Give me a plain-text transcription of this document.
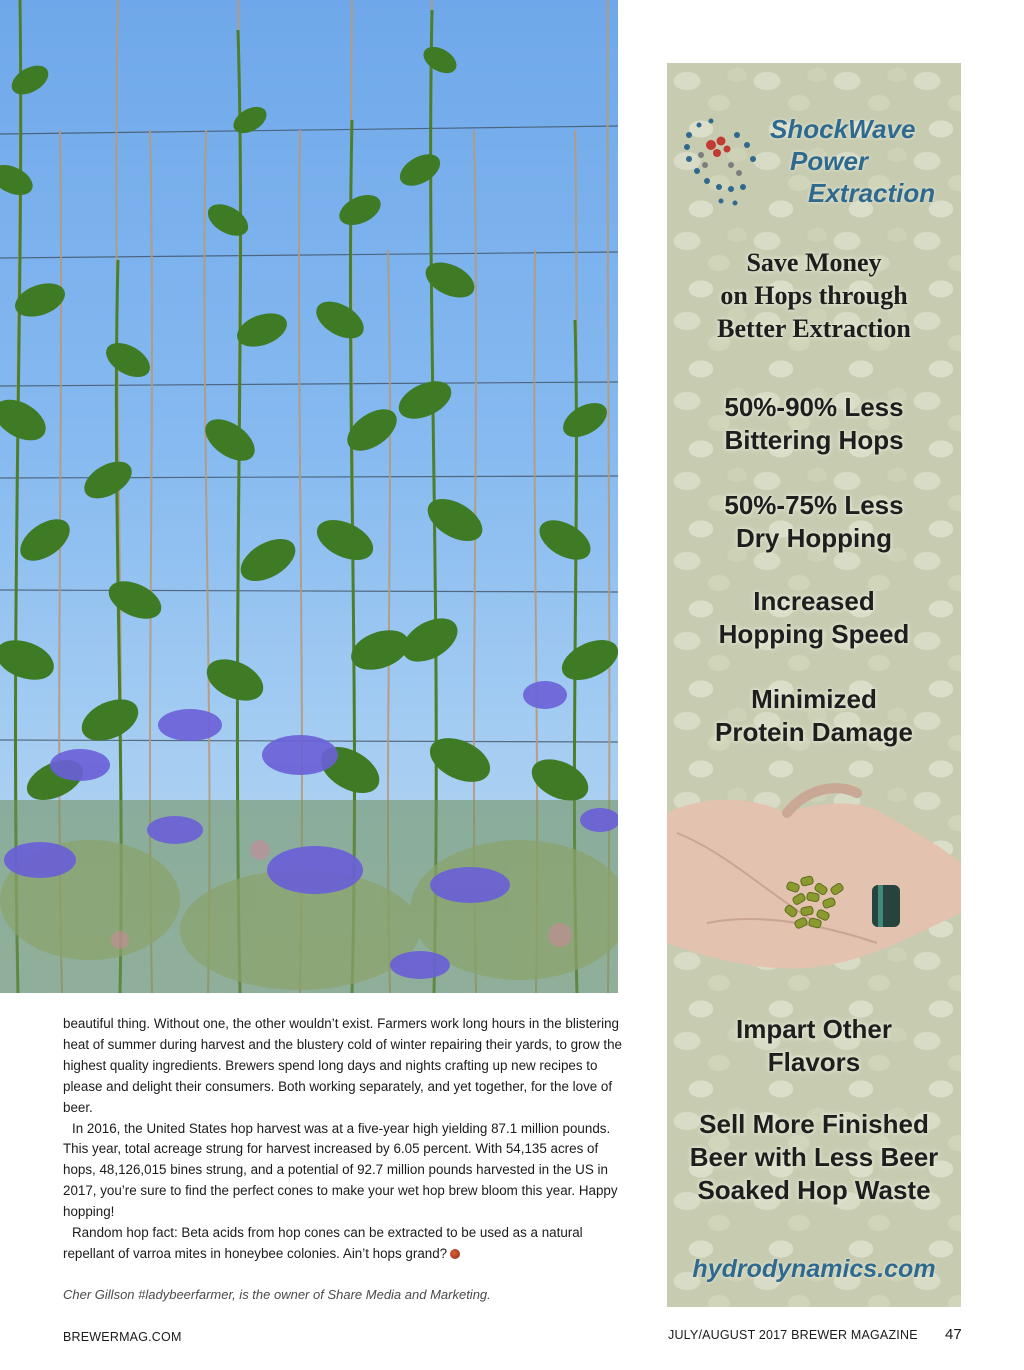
beautiful thing. Without one, the other wouldn’t exist. Farmers work long hours in the blistering heat of summer during harvest and the blustery cold of winter repairing their yards, to grow the highest quality ingredients. Brewers spend long days and nights crafting up new recipes to please and delight their consumers. Both working separately, and yet together, for the love of beer.

In 2016, the United States hop harvest was at a five-year high yielding 87.1 million pounds. This year, total acreage strung for harvest increased by 6.05 percent. With 54,135 acres of hops, 48,126,015 bines strung, and a potential of 92.7 million pounds harvested in the US in 2017, you’re sure to find the perfect cones to make your wet hop brew bloom this year. Happy hopping!

Random hop fact: Beta acids from hop cones can be extracted to be used as a natural repellant of varroa mites in honeybee colonies. Ain’t hops grand?

Cher Gillson #ladybeerfarmer, is the owner of Share Media and Marketing.
BREWERMAG.COM	JULY/AUGUST 2017 BREWER MAGAZINE 47
ShockWave
Power
Extraction
Save Money
on Hops through
Better Extraction
50%-90% Less
Bittering Hops
50%-75% Less
Dry Hopping
Increased
Hopping Speed
Minimized
Protein Damage
Impart Other
Flavors
Sell More Finished
Beer with Less Beer
Soaked Hop Waste
hydrodynamics.com
